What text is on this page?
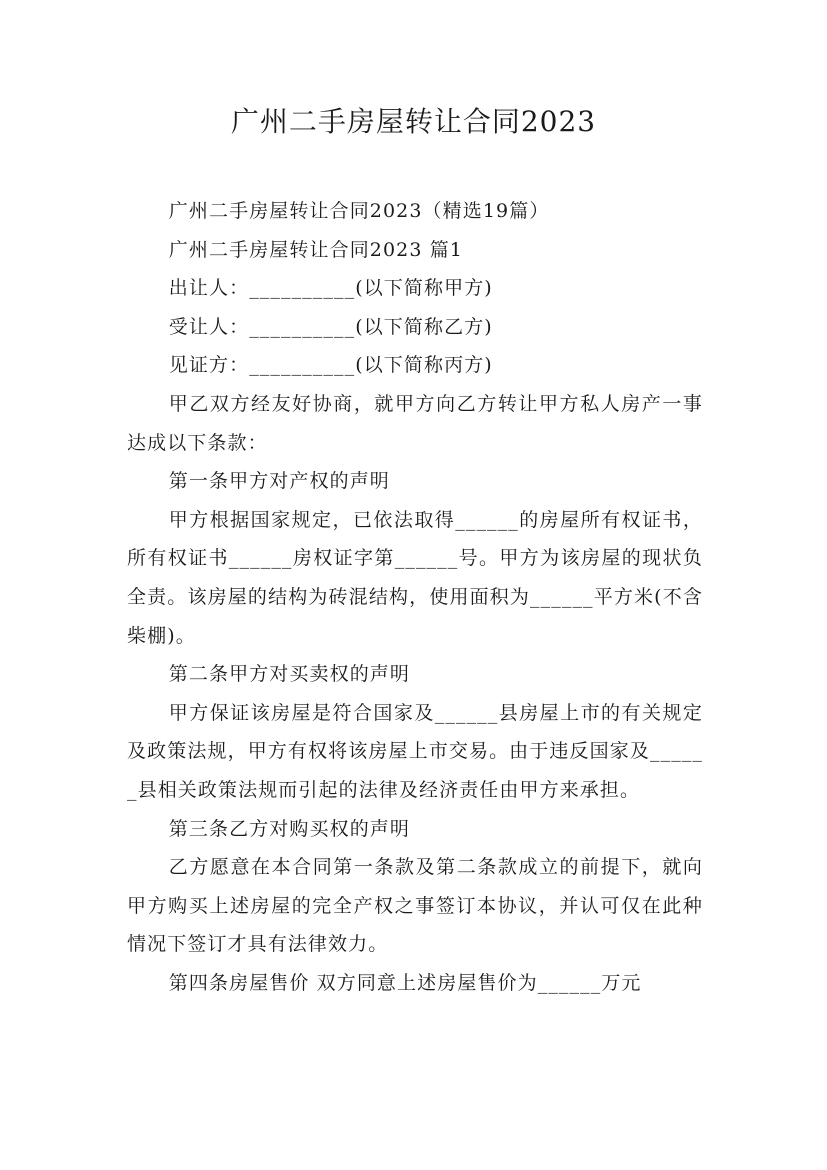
广州二手房屋转让合同2023

广州二手房屋转让合同2023（精选19篇）

广州二手房屋转让合同2023 篇1

出让人：__________(以下简称甲方)

受让人：__________(以下简称乙方)

见证方：__________(以下简称丙方)

甲乙双方经友好协商，就甲方向乙方转让甲方私人房产一事达成以下条款：

第一条甲方对产权的声明

甲方根据国家规定，已依法取得______的房屋所有权证书，所有权证书______房权证字第______号。甲方为该房屋的现状负全责。该房屋的结构为砖混结构，使用面积为______平方米(不含柴棚)。

第二条甲方对买卖权的声明

甲方保证该房屋是符合国家及______县房屋上市的有关规定及政策法规，甲方有权将该房屋上市交易。由于违反国家及______县相关政策法规而引起的法律及经济责任由甲方来承担。

第三条乙方对购买权的声明

乙方愿意在本合同第一条款及第二条款成立的前提下，就向甲方购买上述房屋的完全产权之事签订本协议，并认可仅在此种情况下签订才具有法律效力。

第四条房屋售价 双方同意上述房屋售价为______万元
